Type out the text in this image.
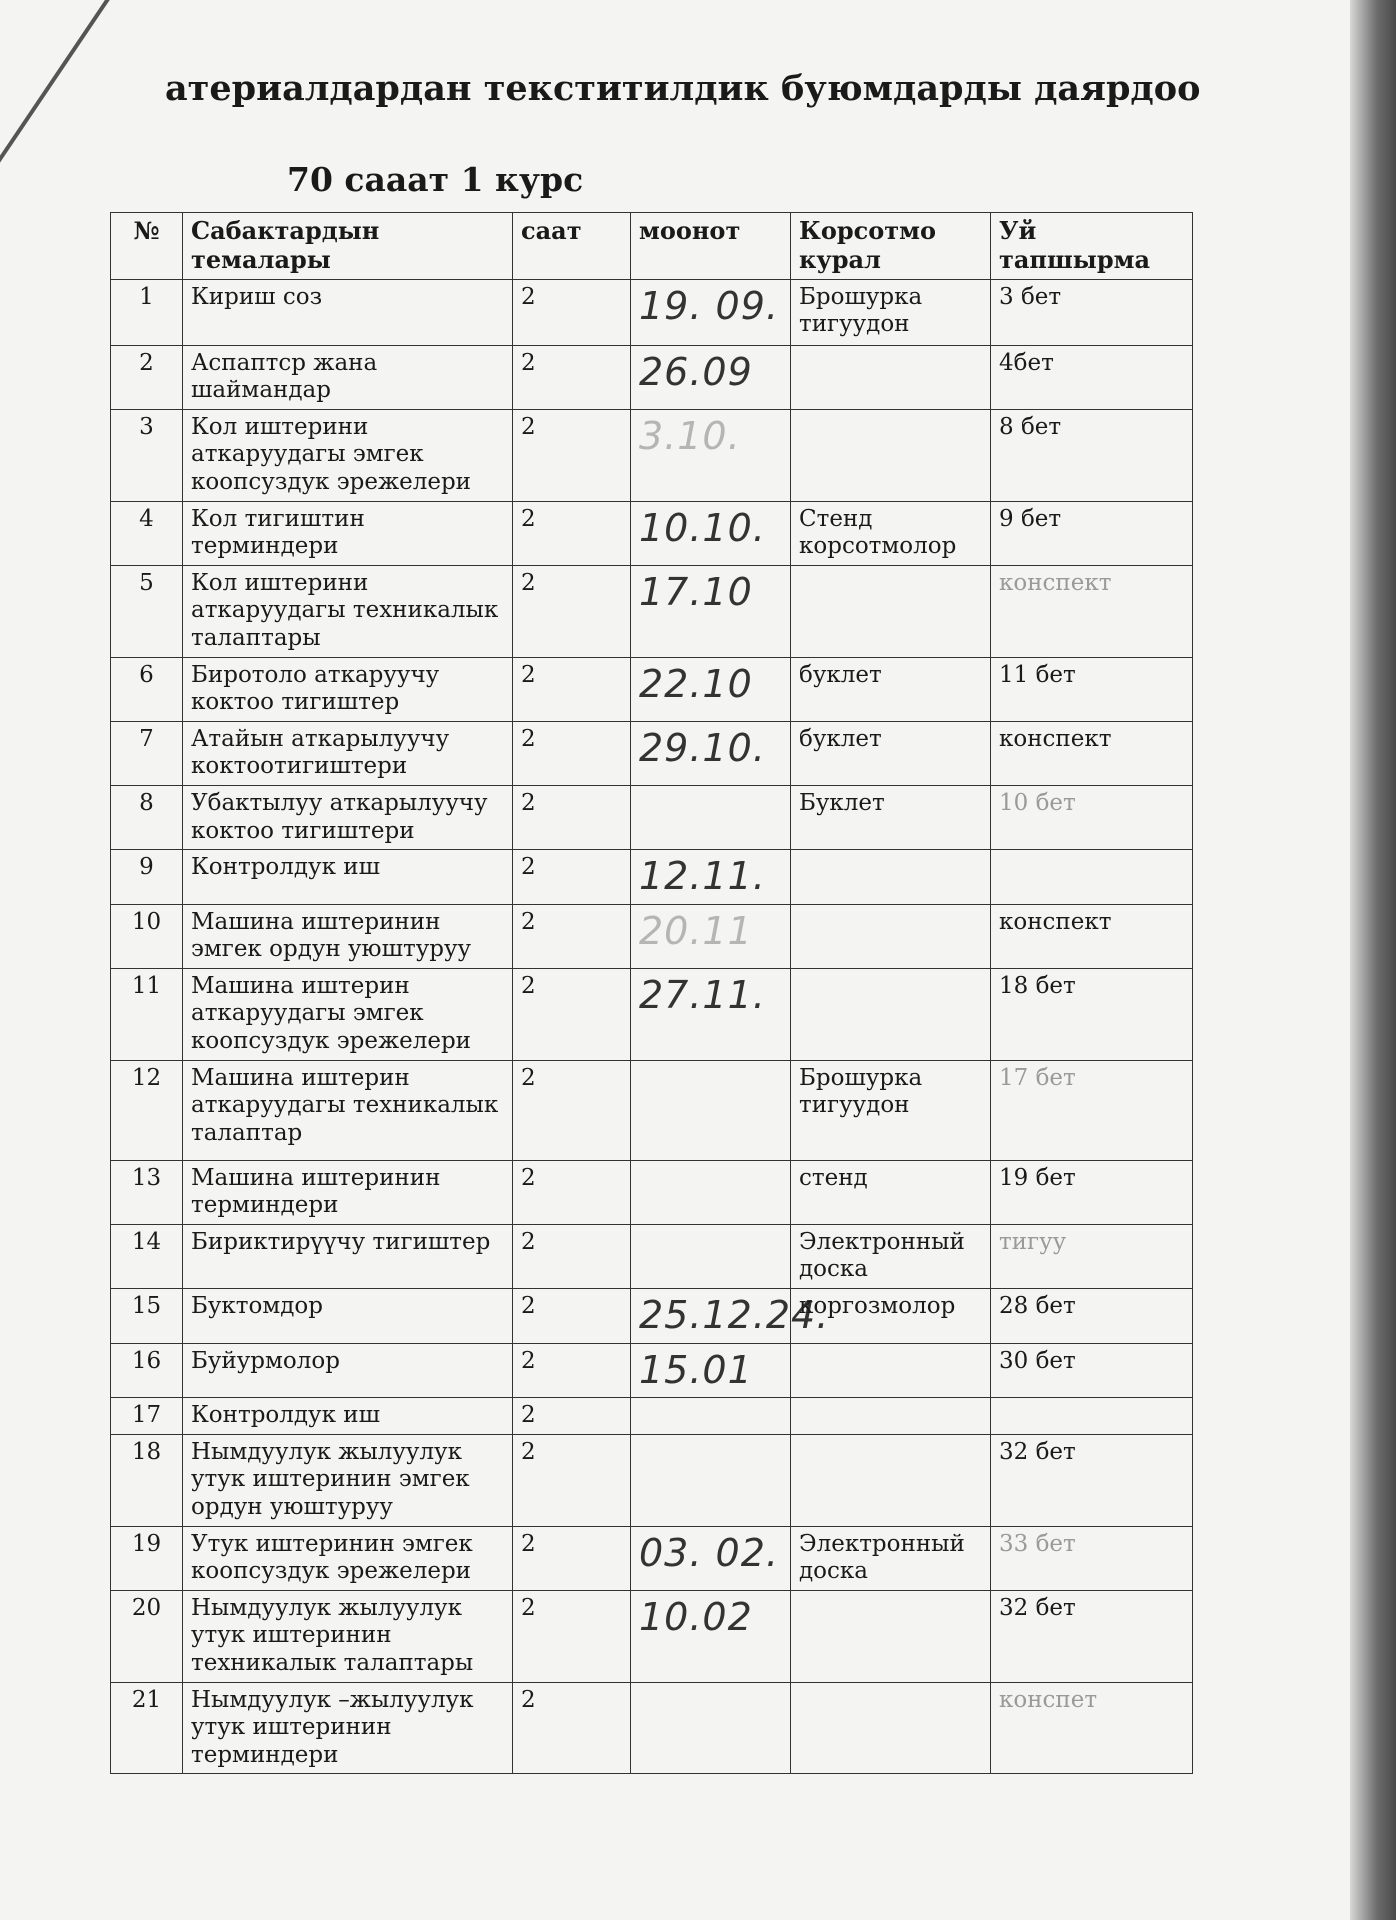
атериалдардан текститилдик буюмдарды даярдоо
70 сааат 1 курс
№	Сабактардын темалары	саат	моонот	Корсотмо курал	Уй тапшырма
1	Кириш соз	2	19. 09.	Брошурка тигуудон	3 бет
2	Аспаптср жана шаймандар	2	26.09		4бет
3	Кол иштерини аткаруудагы эмгек коопсуздук эрежелери	2	3.10.		8 бет
4	Кол тигиштин терминдери	2	10.10.	Стенд корсотмолор	9 бет
5	Кол иштерини аткаруудагы техникалык талаптары	2	17.10		конспект
6	Биротоло аткаруучу коктоо тигиштер	2	22.10	буклет	11 бет
7	Атайын аткарылуучу коктоотигиштери	2	29.10.	буклет	конспект
8	Убактылуу аткарылуучу коктоо тигиштери	2		Буклет	10 бет
9	Контролдук иш	2	12.11.		
10	Машина иштеринин эмгек ордун уюштуруу	2	20.11		конспект
11	Машина иштерин аткаруудагы эмгек коопсуздук эрежелери	2	27.11.		18 бет
12	Машина иштерин аткаруудагы техникалык талаптар	2		Брошурка тигуудон	17 бет
13	Машина иштеринин терминдери	2		стенд	19 бет
14	Бириктирүүчу тигиштер	2		Электронный доска	тигуу
15	Буктомдор	2	25.12.24.	коргозмолор	28 бет
16	Буйурмолор	2	15.01		30 бет
17	Контролдук иш	2			
18	Нымдуулук жылуулук утук иштеринин эмгек ордун уюштуруу	2			32 бет
19	Утук иштеринин эмгек коопсуздук эрежелери	2	03. 02.	Электронный доска	33 бет
20	Нымдуулук жылуулук утук иштеринин техникалык талаптары	2	10.02		32 бет
21	Нымдуулук –жылуулук утук иштеринин терминдери	2			конспет
